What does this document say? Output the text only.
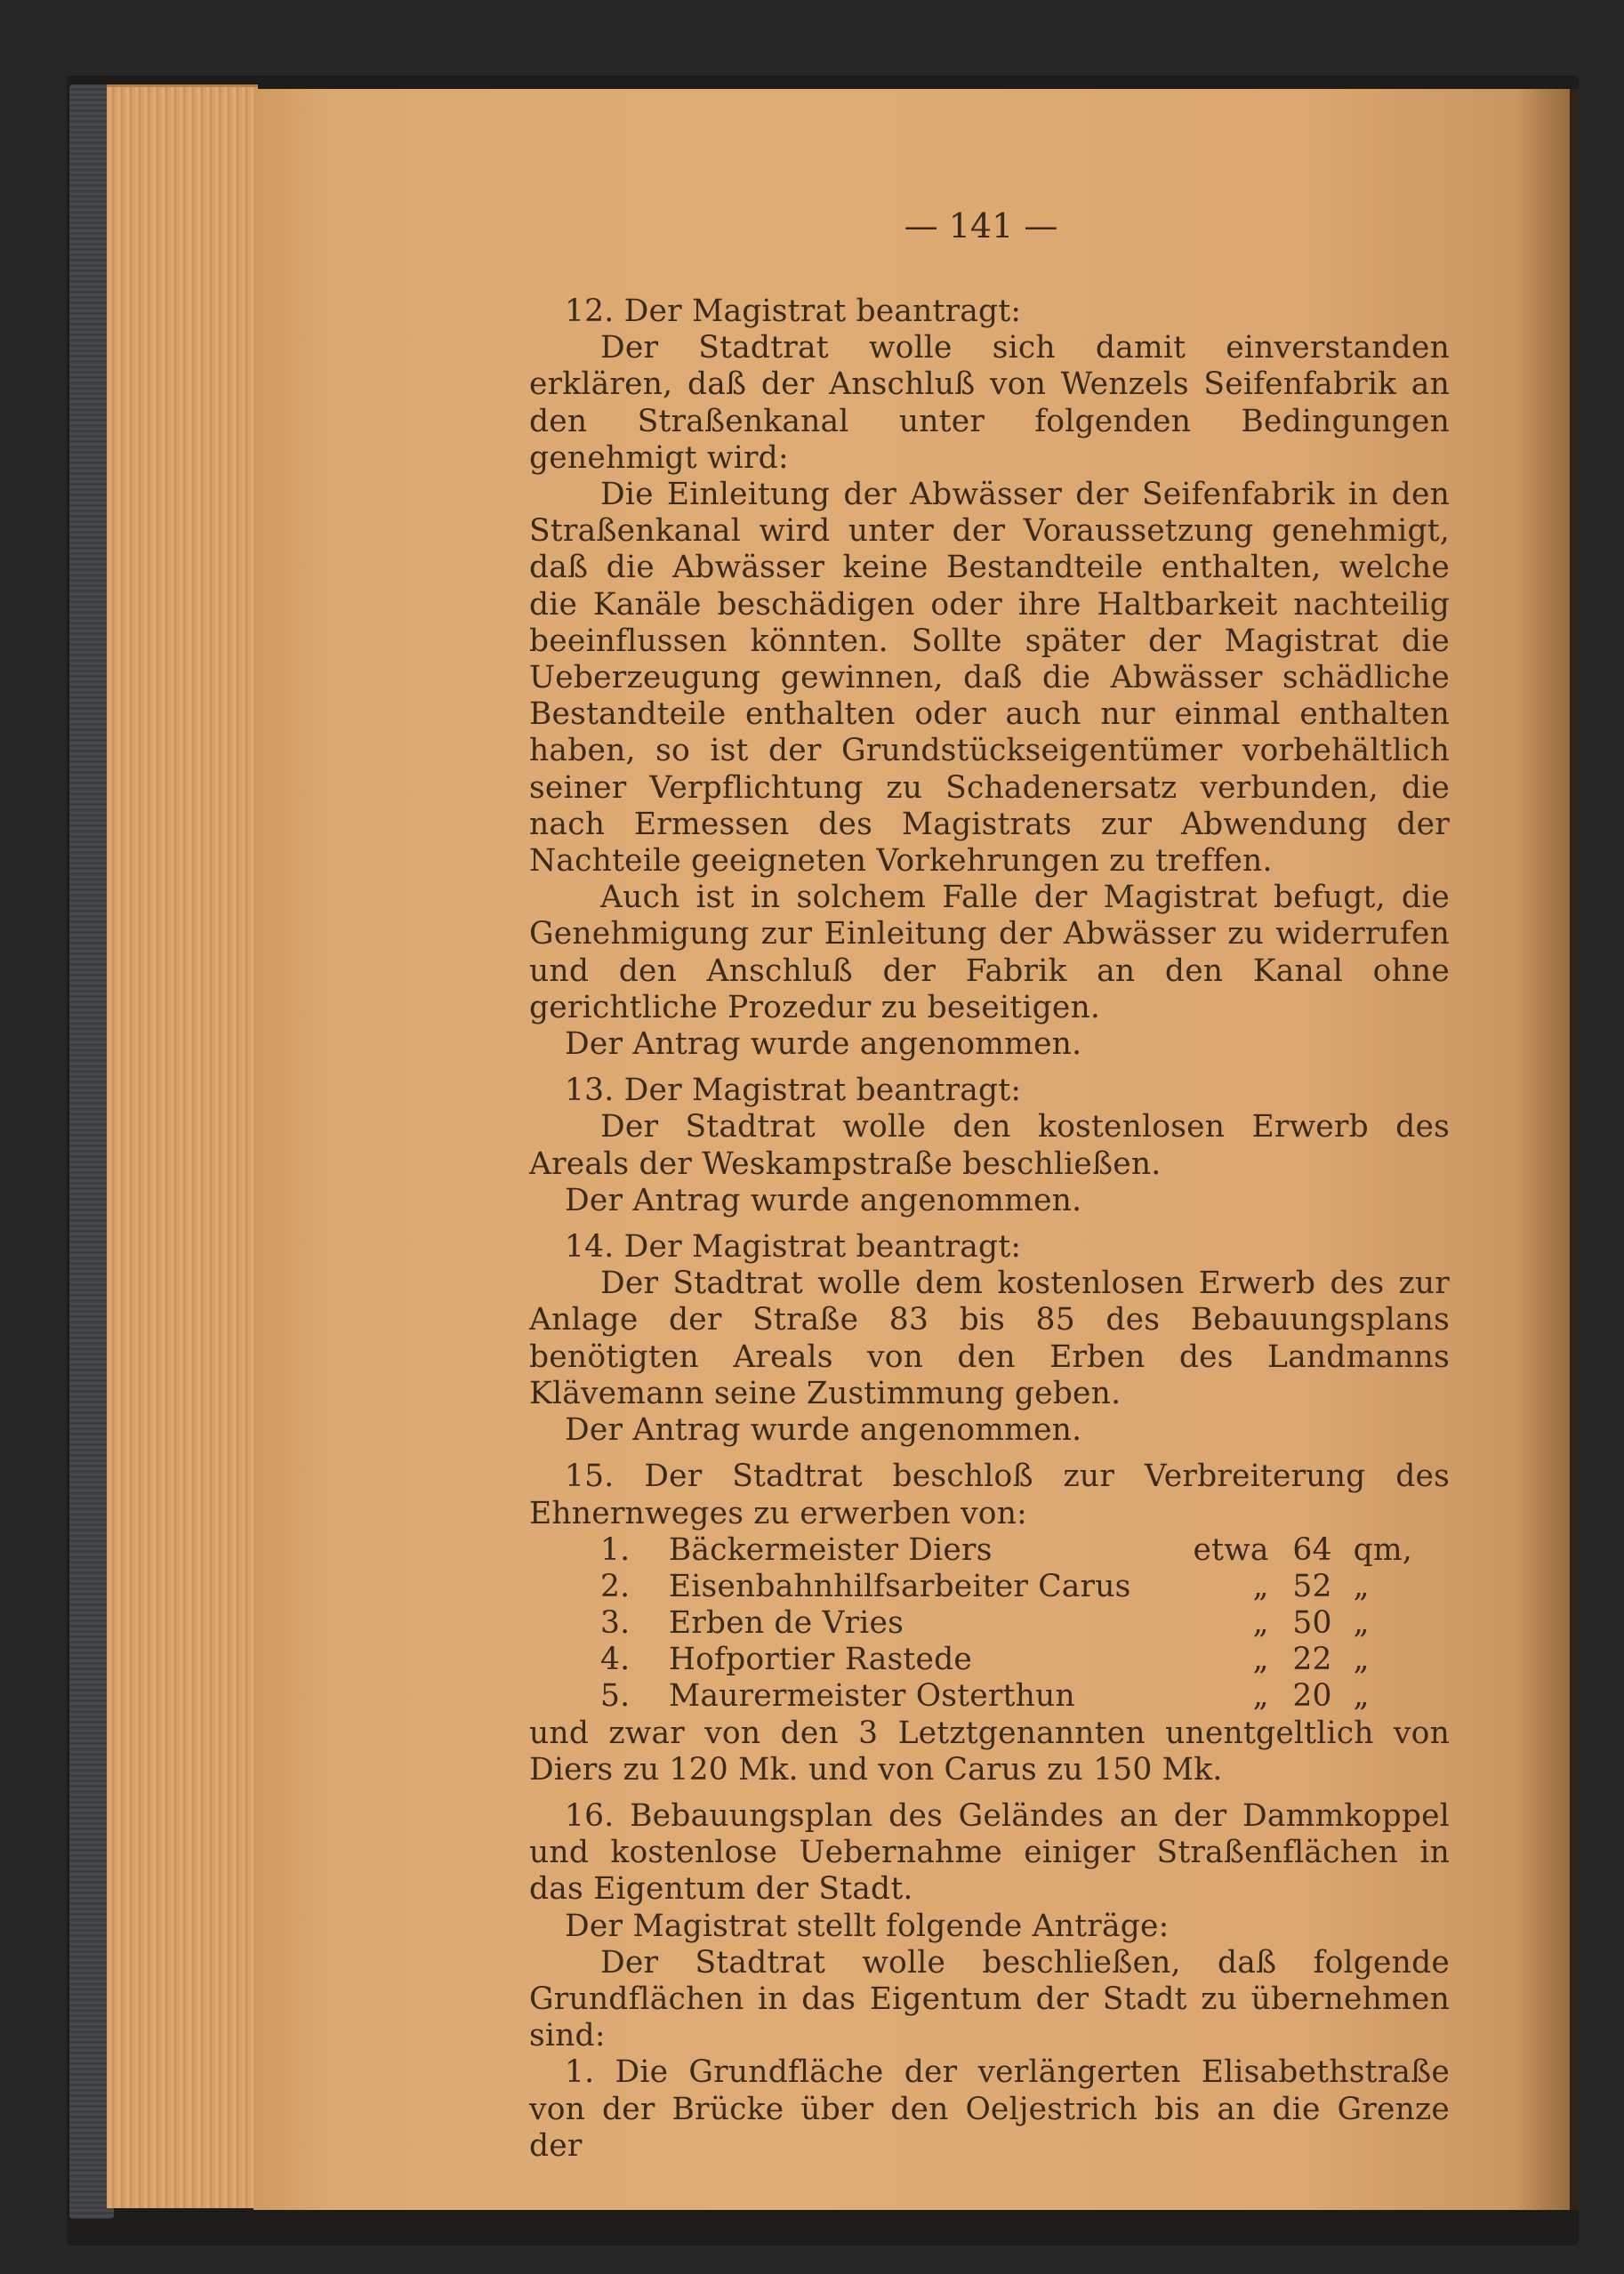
— 141 —

12. Der Magistrat beantragt:

Der Stadtrat wolle sich damit einverstanden erklären, daß der Anschluß von Wenzels Seifenfabrik an den Straßenkanal unter folgenden Bedingungen genehmigt wird:

Die Einleitung der Abwässer der Seifenfabrik in den Straßenkanal wird unter der Voraussetzung genehmigt, daß die Abwässer keine Bestandteile enthalten, welche die Kanäle beschädigen oder ihre Haltbarkeit nachteilig beeinflussen könnten. Sollte später der Magistrat die Ueberzeugung gewinnen, daß die Abwässer schädliche Bestandteile enthalten oder auch nur einmal enthalten haben, so ist der Grundstückseigentümer vorbehältlich seiner Verpflichtung zu Schadenersatz verbunden, die nach Ermessen des Magistrats zur Abwendung der Nachteile geeigneten Vorkehrungen zu treffen.

Auch ist in solchem Falle der Magistrat befugt, die Genehmigung zur Einleitung der Abwässer zu widerrufen und den Anschluß der Fabrik an den Kanal ohne gerichtliche Prozedur zu beseitigen.

Der Antrag wurde angenommen.

13. Der Magistrat beantragt:

Der Stadtrat wolle den kostenlosen Erwerb des Areals der Weskampstraße beschließen.

Der Antrag wurde angenommen.

14. Der Magistrat beantragt:

Der Stadtrat wolle dem kostenlosen Erwerb des zur Anlage der Straße 83 bis 85 des Bebauungsplans benötigten Areals von den Erben des Landmanns Klävemann seine Zustimmung geben.

Der Antrag wurde angenommen.

15. Der Stadtrat beschloß zur Verbreiterung des Ehnernweges zu erwerben von:

1.	Bäckermeister Diers	etwa 64 qm,
2.	Eisenbahnhilfsarbeiter Carus	„ 52 „
3.	Erben de Vries	„ 50 „
4.	Hofportier Rastede	„ 22 „
5.	Maurermeister Osterthun	„ 20 „

und zwar von den 3 Letztgenannten unentgeltlich von Diers zu 120 Mk. und von Carus zu 150 Mk.

16. Bebauungsplan des Geländes an der Dammkoppel und kostenlose Uebernahme einiger Straßenflächen in das Eigentum der Stadt.

Der Magistrat stellt folgende Anträge:

Der Stadtrat wolle beschließen, daß folgende Grundflächen in das Eigentum der Stadt zu übernehmen sind:

1. Die Grundfläche der verlängerten Elisabethstraße von der Brücke über den Oeljestrich bis an die Grenze der
